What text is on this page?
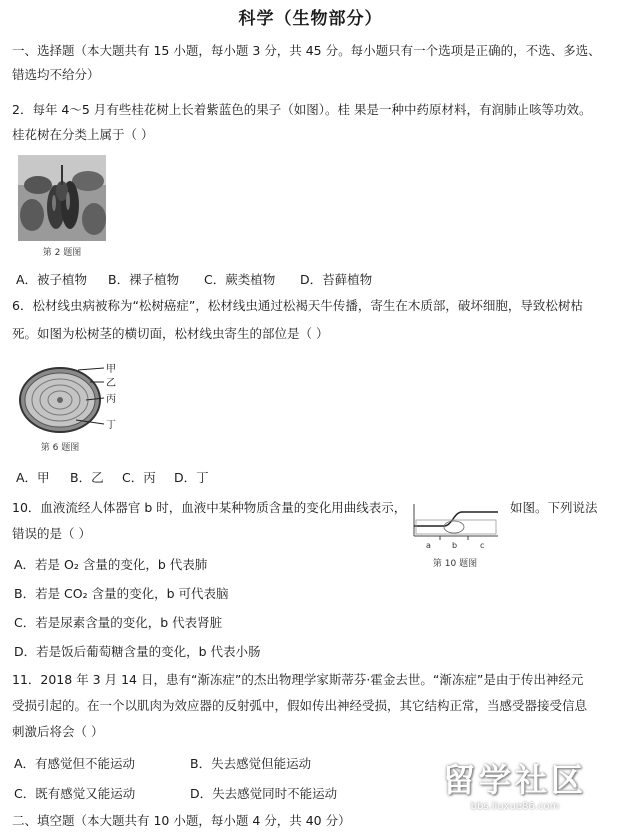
科学（生物部分）
一、选择题（本大题共有 15 小题，每小题 3 分，共 45 分。每小题只有一个选项是正确的，不选、多选、
错选均不给分）
2．每年 4～5 月有些桂花树上长着紫蓝色的果子（如图）。桂 果是一种中药原材料，有润肺止咳等功效。
桂花树在分类上属于（ ）
第 2 题图
A．被子植物 B．裸子植物 C．蕨类植物 D．苔藓植物
6．松材线虫病被称为“松树癌症”，松材线虫通过松褐天牛传播，寄生在木质部，破坏细胞，导致松树枯
死。如图为松树茎的横切面，松材线虫寄生的部位是（ ）
甲
乙
丙
丁
第 6 题图
A．甲 B．乙 C．丙 D．丁
10．血液流经人体器官 b 时，血液中某种物质含量的变化用曲线表示，	如图。下列说法
错误的是（ ）
a	b	c
第 10 题图
A．若是 O₂ 含量的变化，b 代表肺
B．若是 CO₂ 含量的变化，b 可代表脑
C．若是尿素含量的变化，b 代表肾脏
D．若是饭后葡萄糖含量的变化，b 代表小肠
11．2018 年 3 月 14 日，患有“渐冻症”的杰出物理学家斯蒂芬·霍金去世。“渐冻症”是由于传出神经元
受损引起的。在一个以肌肉为效应器的反射弧中，假如传出神经受损，其它结构正常，当感受器接受信息
刺激后将会（ ）
A．有感觉但不能运动	B．失去感觉但能运动
C．既有感觉又能运动	D．失去感觉同时不能运动
二、填空题（本大题共有 10 小题，每小题 4 分，共 40 分）
留学社区
bbs.liuxue86.com
